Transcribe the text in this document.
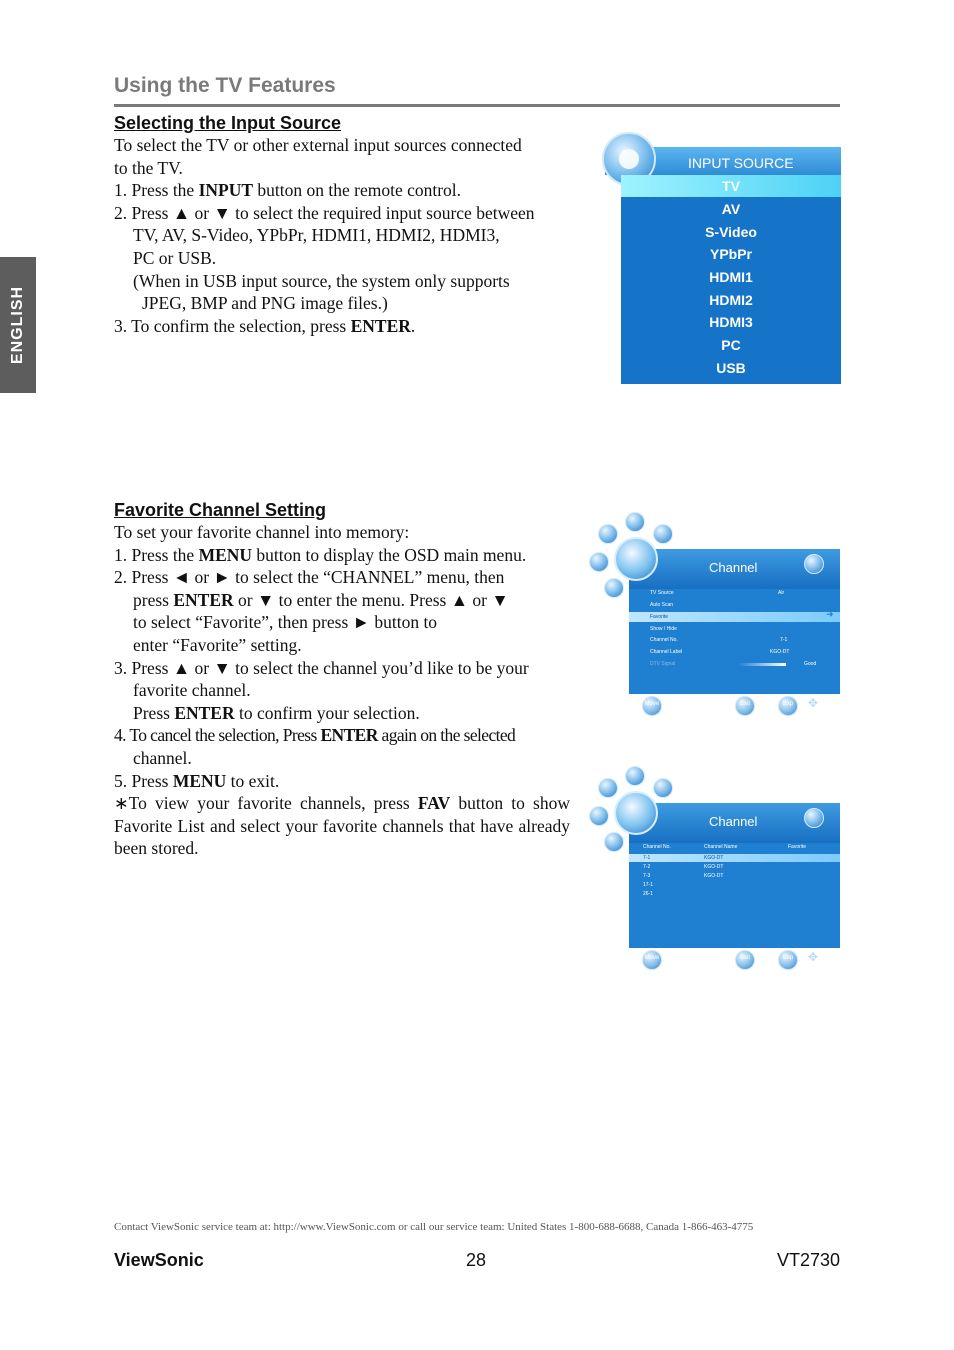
Using the TV Features
ENGLISH
Selecting the Input Source
To select the TV or other external input sources connected
to the TV.
1. Press the INPUT button on the remote control.
2. Press ▲ or ▼ to select the required input source between
TV, AV, S-Video, YPbPr, HDMI1, HDMI2, HDMI3,
PC or USB.
(When in USB input source, the system only supports
JPEG, BMP and PNG image files.)
3. To confirm the selection, press ENTER.
INPUT SOURCE
TV
AV
S-Video
YPbPr
HDMI1
HDMI2
HDMI3
PC
USB
Favorite Channel Setting
To set your favorite channel into memory:
1. Press the MENU button to display the OSD main menu.
2. Press ◄ or ► to select the “CHANNEL” menu, then
press ENTER or ▼ to enter the menu. Press ▲ or ▼
to select “Favorite”, then press ► button to
enter “Favorite” setting.
3. Press ▲ or ▼ to select the channel you’d like to be your
favorite channel.
Press ENTER to confirm your selection.
4. To cancel the selection, Press ENTER again on the selected
channel.
5. Press MENU to exit.
∗To view your favorite channels, press FAV button to show Favorite List and select your favorite channels that have already been stored.
Channel
➜
TV Source	Air
Auto Scan
Favorite
Show / Hide
Channel No.	7-1
Channel Label	KGO-DT
DTV Signal	Good
Move	Exit	Exp	✥
Channel
Channel No.	Channel Name	Favorite
7-1	KGO-DT
7-2	KGO-DT
7-3	KGO-DT
17-1
26-1
Move	Exit	Exp	✥
Contact ViewSonic service team at: http://www.ViewSonic.com or call our service team: United States 1-800-688-6688, Canada 1-866-463-4775
ViewSonic	28	VT2730
